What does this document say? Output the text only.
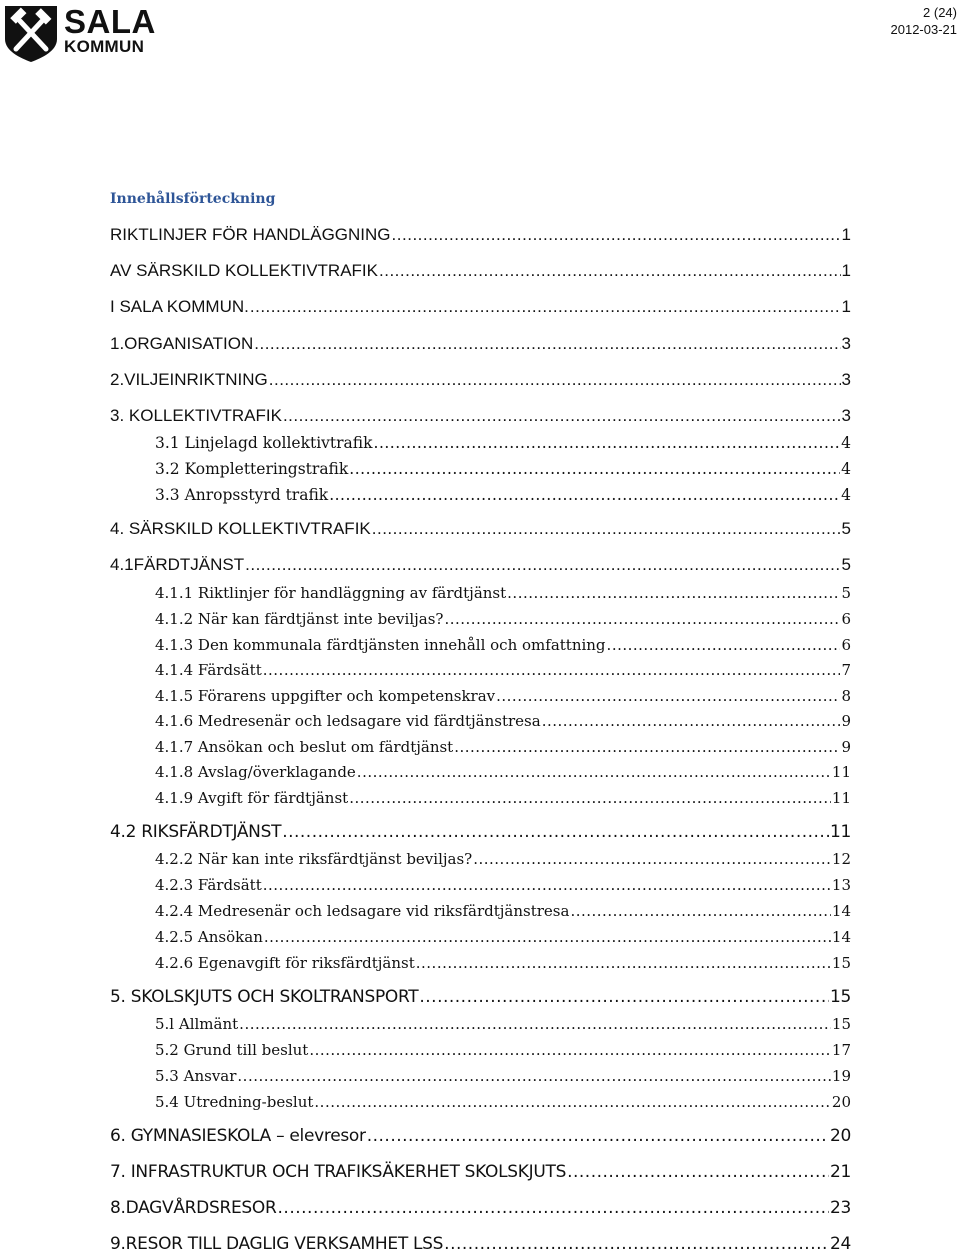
SALA
KOMMUN
2 (24)
2012-03-21
Innehållsförteckning
RIKTLINJER FÖR HANDLÄGGNING .....	1
AV SÄRSKILD KOLLEKTIVTRAFIK .....	1
I SALA KOMMUN. .....	1
1.ORGANISATION .....	3
2.VILJEINRIKTNING .....	3
3. KOLLEKTIVTRAFIK .....	3
3.1 Linjelagd kollektivtrafik .....	4
3.2 Kompletteringstrafik .....	4
3.3 Anropsstyrd trafik .....	4
4. SÄRSKILD KOLLEKTIVTRAFIK .....	5
4.1FÄRDTJÄNST .....	5
4.1.1 Riktlinjer för handläggning av färdtjänst .....	5
4.1.2 När kan färdtjänst inte beviljas? .....	6
4.1.3 Den kommunala färdtjänsten innehåll och omfattning .....	6
4.1.4 Färdsätt .....	7
4.1.5 Förarens uppgifter och kompetenskrav .....	8
4.1.6 Medresenär och ledsagare vid färdtjänstresa .....	9
4.1.7 Ansökan och beslut om färdtjänst .....	9
4.1.8 Avslag/överklagande .....	11
4.1.9 Avgift för färdtjänst .....	11
4.2 RIKSFÄRDTJÄNST .....	11
4.2.2 När kan inte riksfärdtjänst beviljas? .....	12
4.2.3 Färdsätt .....	13
4.2.4 Medresenär och ledsagare vid riksfärdtjänstresa .....	14
4.2.5 Ansökan .....	14
4.2.6 Egenavgift för riksfärdtjänst .....	15
5. SKOLSKJUTS OCH SKOLTRANSPORT .....	15
5.l Allmänt .....	15
5.2 Grund till beslut .....	17
5.3 Ansvar .....	19
5.4 Utredning-beslut .....	20
6. GYMNASIESKOLA – elevresor .....	20
7. INFRASTRUKTUR OCH TRAFIKSÄKERHET SKOLSKJUTS .....	21
8.DAGVÅRDSRESOR .....	23
9.RESOR TILL DAGLIG VERKSAMHET LSS .....	24
